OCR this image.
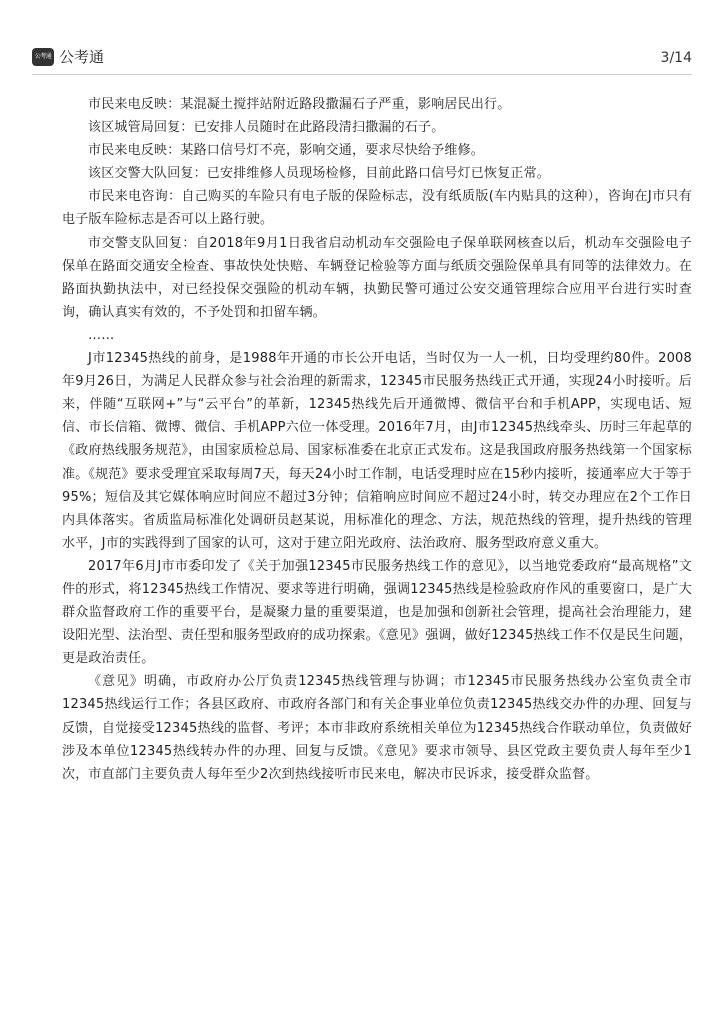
公考通 公考通	3/14

市民来电反映：某混凝土搅拌站附近路段撒漏石子严重，影响居民出行。

该区城管局回复：已安排人员随时在此路段清扫撒漏的石子。

市民来电反映：某路口信号灯不亮，影响交通，要求尽快给予维修。

该区交警大队回复：已安排维修人员现场检修，目前此路口信号灯已恢复正常。

市民来电咨询：自己购买的车险只有电子版的保险标志，没有纸质版(车内贴具的这种），咨询在J市只有电子版车险标志是否可以上路行驶。

市交警支队回复：自2018年9月1日我省启动机动车交强险电子保单联网核查以后，机动车交强险电子保单在路面交通安全检查、事故快处快赔、车辆登记检验等方面与纸质交强险保单具有同等的法律效力。在路面执勤执法中，对已经投保交强险的机动车辆，执勤民警可通过公安交通管理综合应用平台进行实时查询，确认真实有效的，不予处罚和扣留车辆。

……

J市12345热线的前身，是1988年开通的市长公开电话，当时仅为一人一机，日均受理约80件。2008年9月26日，为满足人民群众参与社会治理的新需求，12345市民服务热线正式开通，实现24小时接听。后来，伴随“互联网+”与“云平台”的革新，12345热线先后开通微博、微信平台和手机APP，实现电话、短信、市长信箱、微博、微信、手机APP六位一体受理。2016年7月，由J市12345热线牵头、历时三年起草的《政府热线服务规范》，由国家质检总局、国家标准委在北京正式发布。这是我国政府服务热线第一个国家标准。《规范》要求受理宜采取每周7天，每天24小时工作制，电话受理时应在15秒内接听，接通率应大于等于95%；短信及其它媒体响应时间应不超过3分钟；信箱响应时间应不超过24小时，转交办理应在2个工作日内具体落实。省质监局标准化处调研员赵某说，用标准化的理念、方法，规范热线的管理，提升热线的管理水平，J市的实践得到了国家的认可，这对于建立阳光政府、法治政府、服务型政府意义重大。

2017年6月J市市委印发了《关于加强12345市民服务热线工作的意见》，以当地党委政府“最高规格”文件的形式，将12345热线工作情况、要求等进行明确，强调12345热线是检验政府作风的重要窗口，是广大群众监督政府工作的重要平台，是凝聚力量的重要渠道，也是加强和创新社会管理，提高社会治理能力，建设阳光型、法治型、责任型和服务型政府的成功探索。《意见》强调，做好12345热线工作不仅是民生问题，更是政治责任。

《意见》明确，市政府办公厅负责12345热线管理与协调；市12345市民服务热线办公室负责全市12345热线运行工作；各县区政府、市政府各部门和有关企事业单位负责12345热线交办件的办理、回复与反馈，自觉接受12345热线的监督、考评；本市非政府系统相关单位为12345热线合作联动单位，负责做好涉及本单位12345热线转办件的办理、回复与反馈。《意见》要求市领导、县区党政主要负责人每年至少1次，市直部门主要负责人每年至少2次到热线接听市民来电，解决市民诉求，接受群众监督。
